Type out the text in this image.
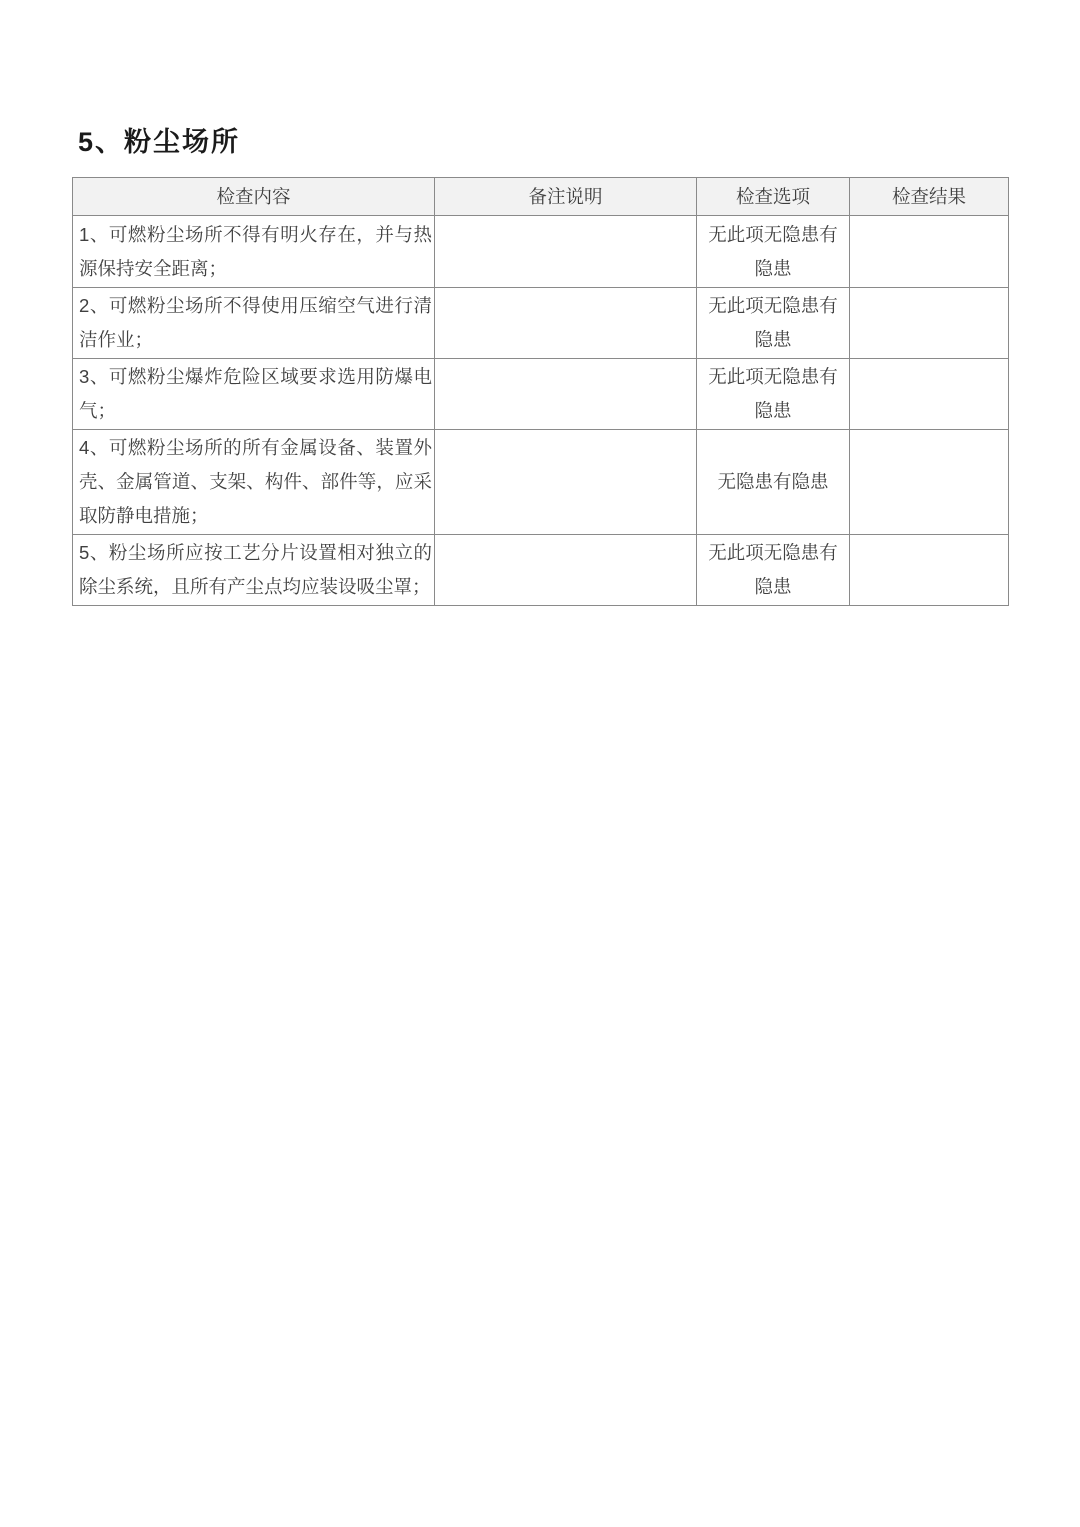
5、粉尘场所
检查内容	备注说明	检查选项	检查结果
1、可燃粉尘场所不得有明火存在，并与热源保持安全距离；		无此项无隐患有隐患	
2、可燃粉尘场所不得使用压缩空气进行清洁作业；		无此项无隐患有隐患	
3、可燃粉尘爆炸危险区域要求选用防爆电气；		无此项无隐患有隐患	
4、可燃粉尘场所的所有金属设备、装置外壳、金属管道、支架、构件、部件等，应采取防静电措施；		无隐患有隐患	
5、粉尘场所应按工艺分片设置相对独立的除尘系统，且所有产尘点均应装设吸尘罩；		无此项无隐患有隐患	
